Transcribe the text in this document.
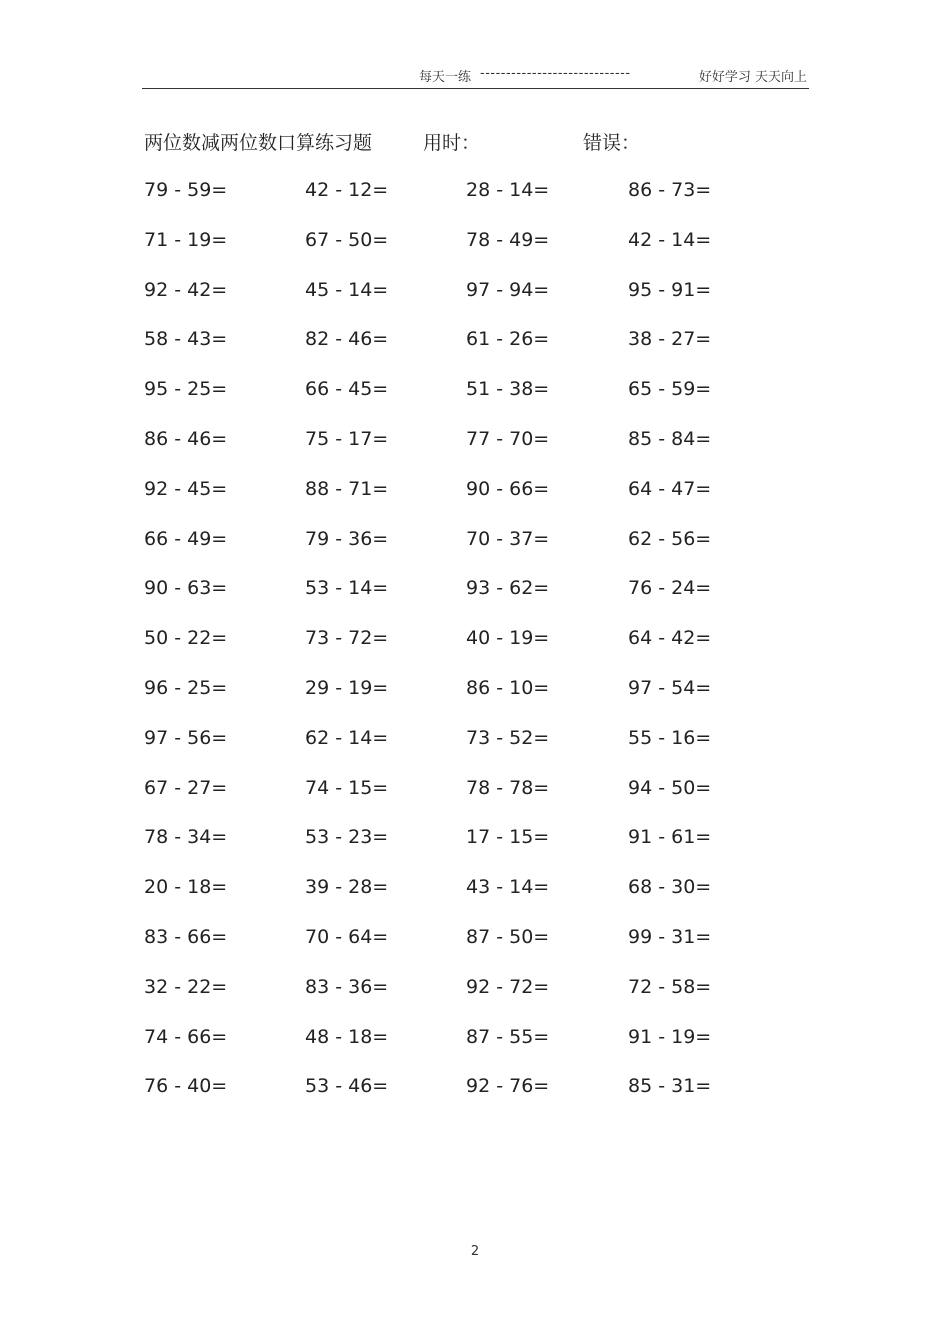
每天一练 -----------------------------	好好学习 天天向上
两位数减两位数口算练习题	用时：	错误：
79 - 59=	42 - 12=	28 - 14=	86 - 73=
71 - 19=	67 - 50=	78 - 49=	42 - 14=
92 - 42=	45 - 14=	97 - 94=	95 - 91=
58 - 43=	82 - 46=	61 - 26=	38 - 27=
95 - 25=	66 - 45=	51 - 38=	65 - 59=
86 - 46=	75 - 17=	77 - 70=	85 - 84=
92 - 45=	88 - 71=	90 - 66=	64 - 47=
66 - 49=	79 - 36=	70 - 37=	62 - 56=
90 - 63=	53 - 14=	93 - 62=	76 - 24=
50 - 22=	73 - 72=	40 - 19=	64 - 42=
96 - 25=	29 - 19=	86 - 10=	97 - 54=
97 - 56=	62 - 14=	73 - 52=	55 - 16=
67 - 27=	74 - 15=	78 - 78=	94 - 50=
78 - 34=	53 - 23=	17 - 15=	91 - 61=
20 - 18=	39 - 28=	43 - 14=	68 - 30=
83 - 66=	70 - 64=	87 - 50=	99 - 31=
32 - 22=	83 - 36=	92 - 72=	72 - 58=
74 - 66=	48 - 18=	87 - 55=	91 - 19=
76 - 40=	53 - 46=	92 - 76=	85 - 31=
2
